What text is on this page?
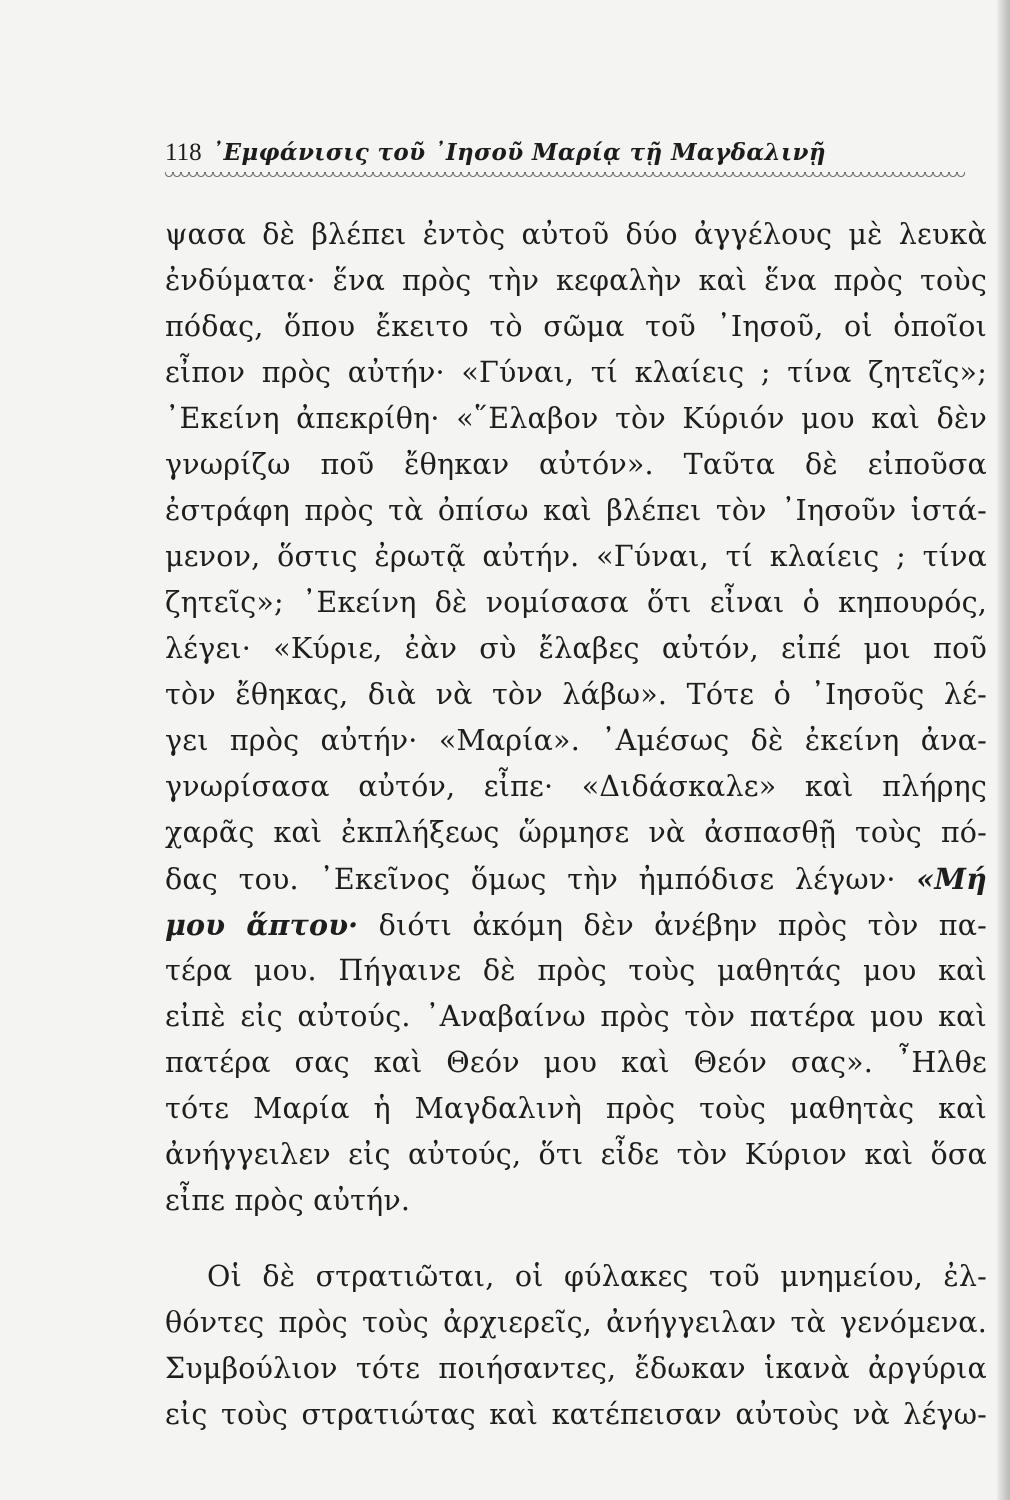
118 ᾽Εμφάνισις τοῦ ᾽Ιησοῦ Μαρίᾳ τῇ Μαγδαλινῇ
ψασα δὲ βλέπει ἐντὸς αὐτοῦ δύο ἀγγέλους μὲ λευκὰ
ἐνδύματα· ἕνα πρὸς τὴν κεφαλὴν καὶ ἕνα πρὸς τοὺς
πόδας, ὅπου ἔκειτο τὸ σῶμα τοῦ ᾽Ιησοῦ, οἱ ὁποῖοι
εἶπον πρὸς αὐτήν· «Γύναι, τί κλαίεις ; τίνα ζητεῖς»;
᾽Εκείνη ἀπεκρίθη· «῞Ελαβον τὸν Κύριόν μου καὶ δὲν
γνωρίζω ποῦ ἔθηκαν αὐτόν». Ταῦτα δὲ εἰποῦσα
ἐστράφη πρὸς τὰ ὀπίσω καὶ βλέπει τὸν ᾽Ιησοῦν ἱστά-
μενον, ὅστις ἐρωτᾷ αὐτήν. «Γύναι, τί κλαίεις ; τίνα
ζητεῖς»; ᾽Εκείνη δὲ νομίσασα ὅτι εἶναι ὁ κηπουρός,
λέγει· «Κύριε, ἐὰν σὺ ἔλαβες αὐτόν, εἰπέ μοι ποῦ
τὸν ἔθηκας, διὰ νὰ τὸν λάβω». Τότε ὁ ᾽Ιησοῦς λέ-
γει πρὸς αὐτήν· «Μαρία». ᾽Αμέσως δὲ ἐκείνη ἀνα-
γνωρίσασα αὐτόν, εἶπε· «Διδάσκαλε» καὶ πλήρης
χαρᾶς καὶ ἐκπλήξεως ὥρμησε νὰ ἀσπασθῇ τοὺς πό-
δας του. ᾽Εκεῖνος ὅμως τὴν ἠμπόδισε λέγων· «Μή
μου ἅπτου· διότι ἀκόμη δὲν ἀνέβην πρὸς τὸν πα-
τέρα μου. Πήγαινε δὲ πρὸς τοὺς μαθητάς μου καὶ
εἰπὲ εἰς αὐτούς. ᾽Αναβαίνω πρὸς τὸν πατέρα μου καὶ
πατέρα σας καὶ Θεόν μου καὶ Θεόν σας». ῏Ηλθε
τότε Μαρία ἡ Μαγδαλινὴ πρὸς τοὺς μαθητὰς καὶ
ἀνήγγειλεν εἰς αὐτούς, ὅτι εἶδε τὸν Κύριον καὶ ὅσα
εἶπε πρὸς αὐτήν.
Οἱ δὲ στρατιῶται, οἱ φύλακες τοῦ μνημείου, ἐλ-
θόντες πρὸς τοὺς ἀρχιερεῖς, ἀνήγγειλαν τὰ γενόμενα.
Συμβούλιον τότε ποιήσαντες, ἔδωκαν ἱκανὰ ἀργύρια
εἰς τοὺς στρατιώτας καὶ κατέπεισαν αὐτοὺς νὰ λέγω-
